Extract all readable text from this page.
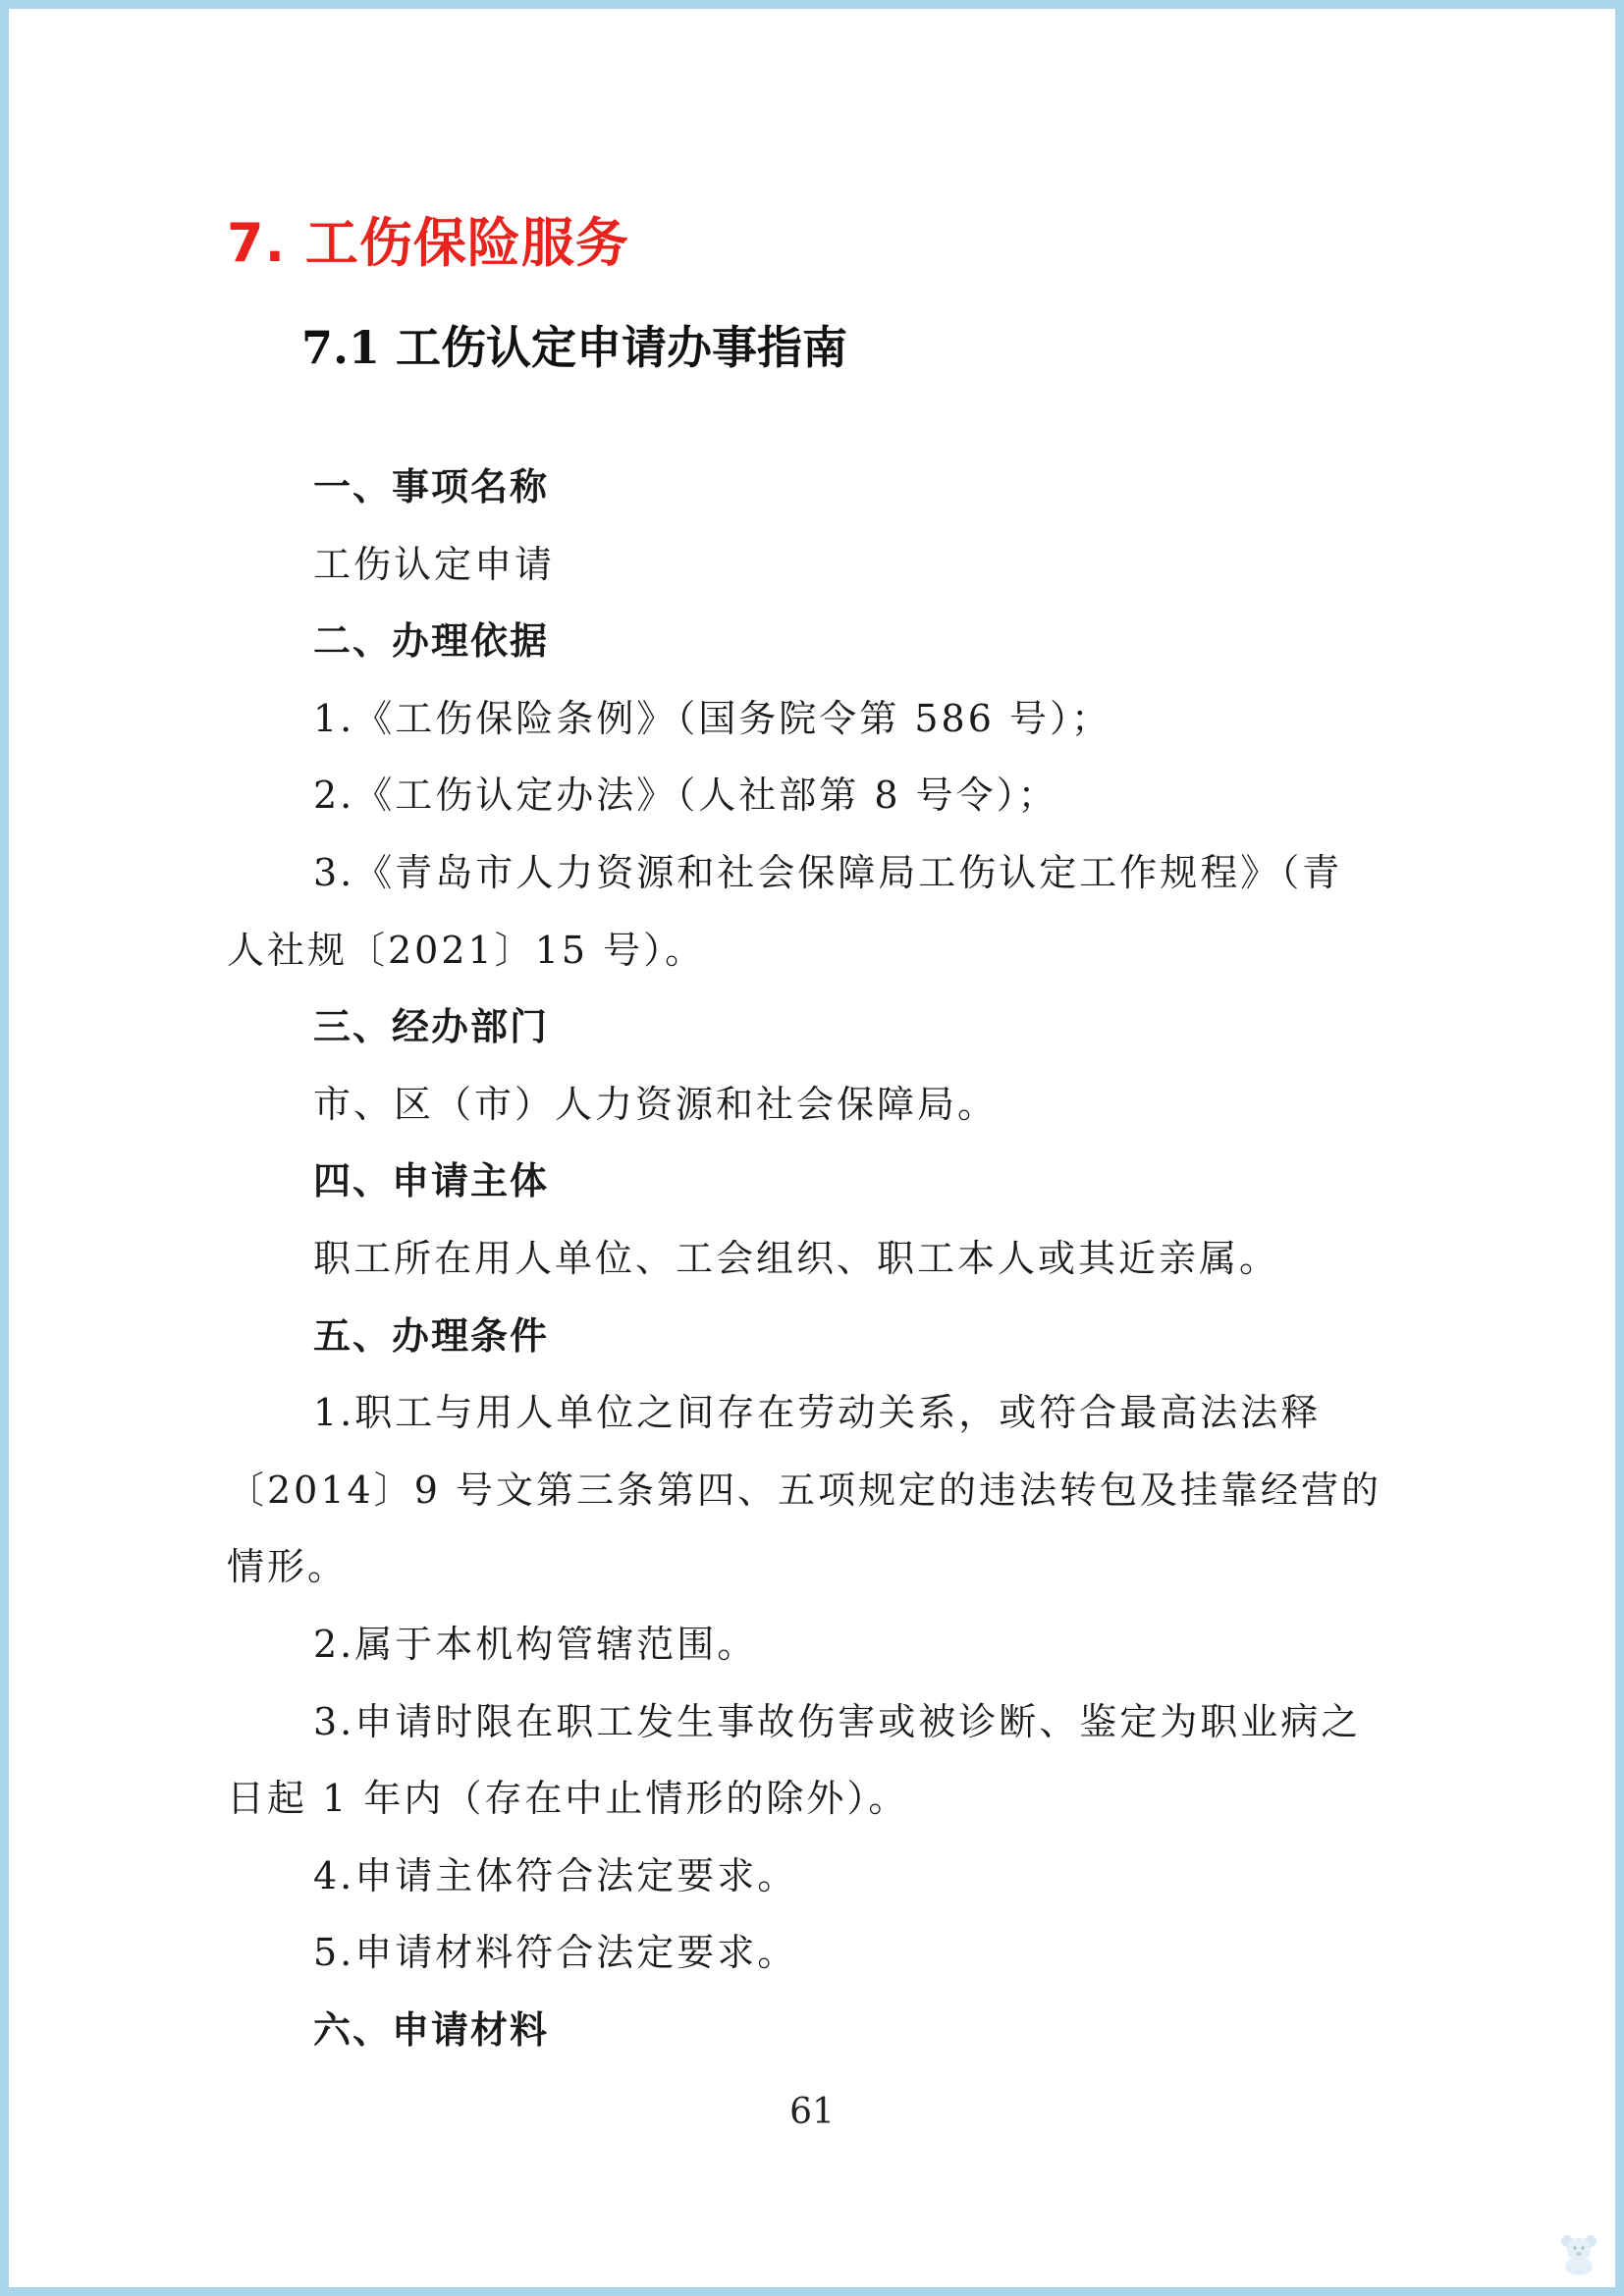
7. 工伤保险服务
7.1 工伤认定申请办事指南
一、事项名称
工伤认定申请
二、办理依据
1.《工伤保险条例》（国务院令第 586 号）；
2.《工伤认定办法》（人社部第 8 号令）；
3.《青岛市人力资源和社会保障局工伤认定工作规程》（青
人社规〔2021〕15 号）。
三、经办部门
市、区（市）人力资源和社会保障局。
四、申请主体
职工所在用人单位、工会组织、职工本人或其近亲属。
五、办理条件
1.职工与用人单位之间存在劳动关系，或符合最高法法释
〔2014〕9 号文第三条第四、五项规定的违法转包及挂靠经营的
情形。
2.属于本机构管辖范围。
3.申请时限在职工发生事故伤害或被诊断、鉴定为职业病之
日起 1 年内（存在中止情形的除外）。
4.申请主体符合法定要求。
5.申请材料符合法定要求。
六、申请材料
61
